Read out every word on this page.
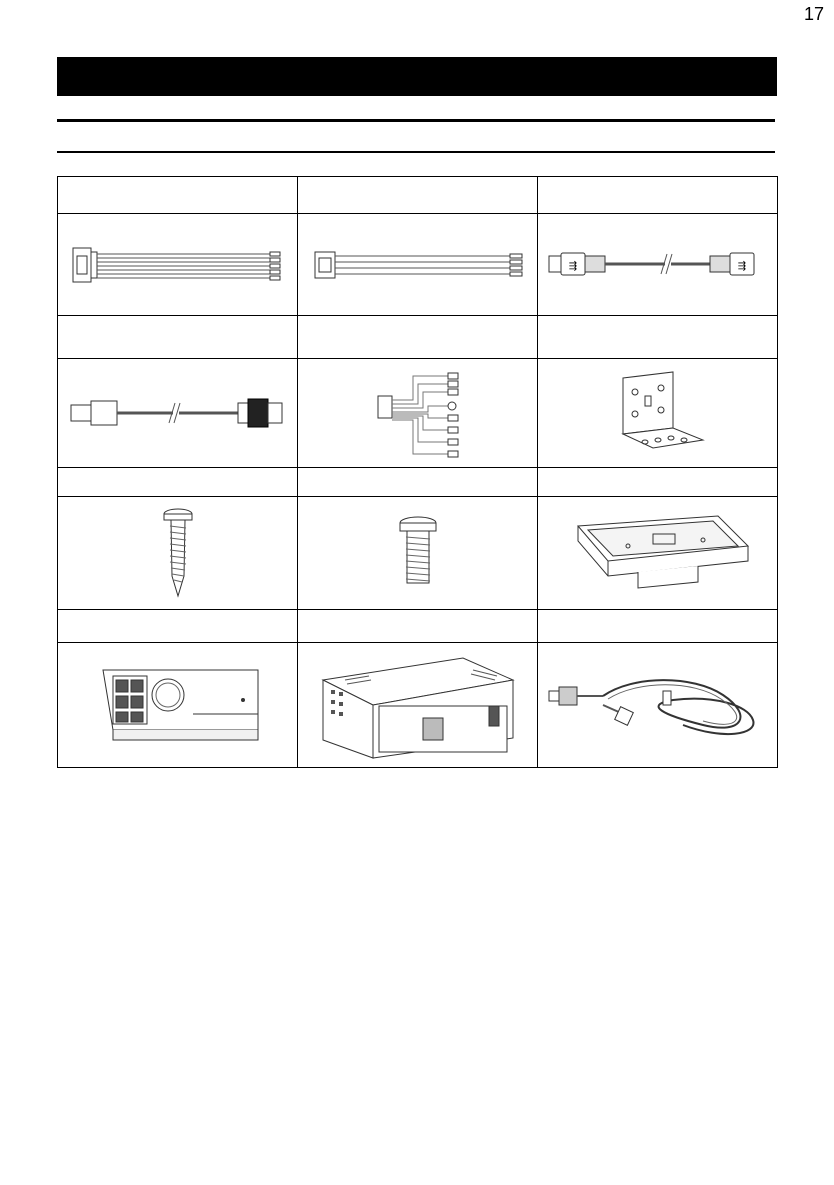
17

⇶ ⇶
